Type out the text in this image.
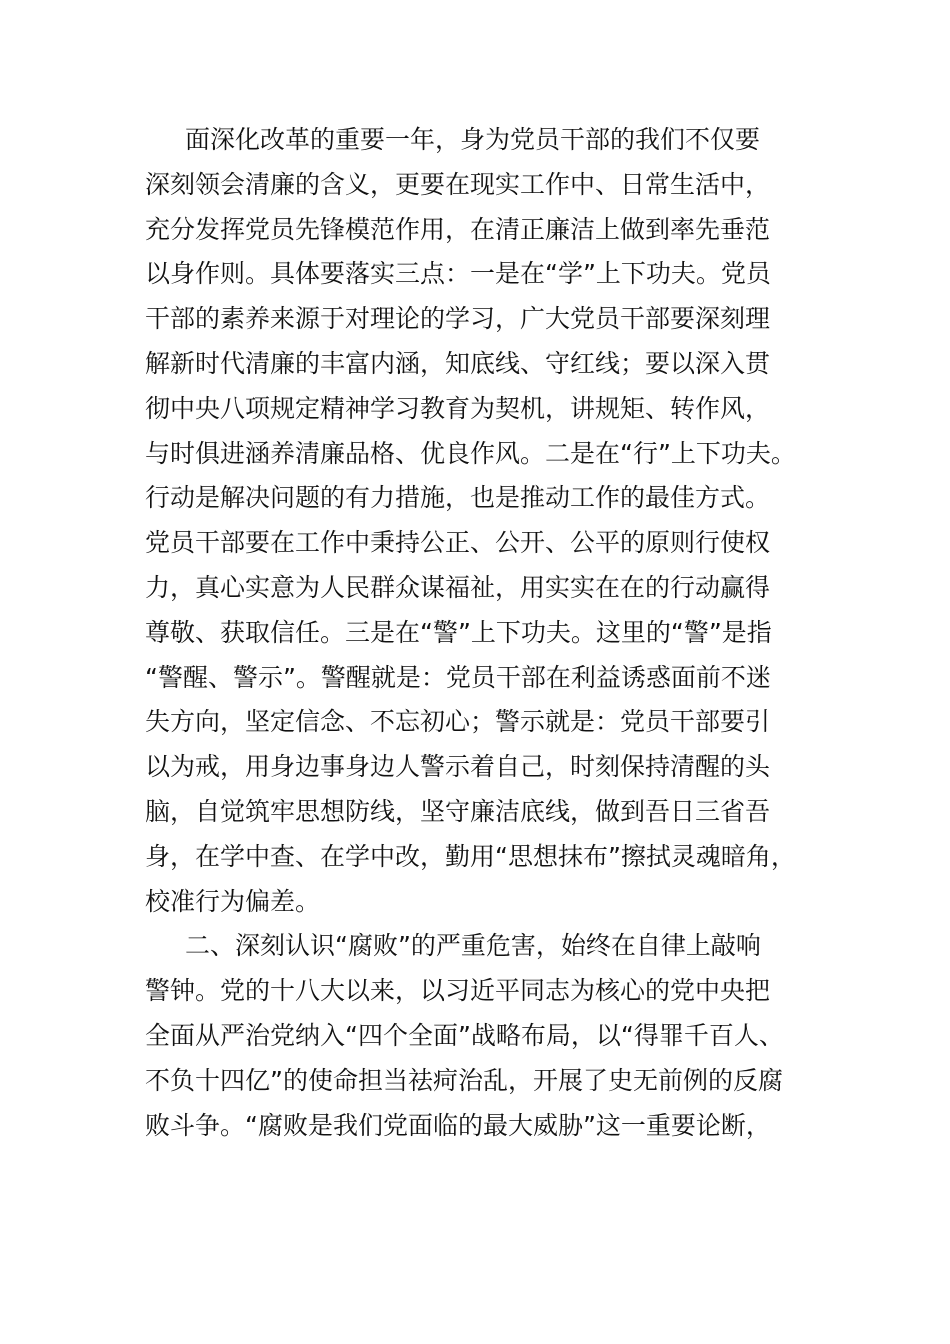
面深化改革的重要一年，身为党员干部的我们不仅要
深刻领会清廉的含义，更要在现实工作中、日常生活中，
充分发挥党员先锋模范作用，在清正廉洁上做到率先垂范
以身作则。具体要落实三点：一是在“学”上下功夫。党员
干部的素养来源于对理论的学习，广大党员干部要深刻理
解新时代清廉的丰富内涵，知底线、守红线；要以深入贯
彻中央八项规定精神学习教育为契机，讲规矩、转作风，
与时俱进涵养清廉品格、优良作风。二是在“行”上下功夫。
行动是解决问题的有力措施，也是推动工作的最佳方式。
党员干部要在工作中秉持公正、公开、公平的原则行使权
力，真心实意为人民群众谋福祉，用实实在在的行动赢得
尊敬、获取信任。三是在“警”上下功夫。这里的“警”是指
“警醒、警示”。警醒就是：党员干部在利益诱惑面前不迷
失方向，坚定信念、不忘初心；警示就是：党员干部要引
以为戒，用身边事身边人警示着自己，时刻保持清醒的头
脑，自觉筑牢思想防线，坚守廉洁底线，做到吾日三省吾
身，在学中查、在学中改，勤用“思想抹布”擦拭灵魂暗角，
校准行为偏差。
二、深刻认识“腐败”的严重危害，始终在自律上敲响
警钟。党的十八大以来，以习近平同志为核心的党中央把
全面从严治党纳入“四个全面”战略布局，以“得罪千百人、
不负十四亿”的使命担当祛疴治乱，开展了史无前例的反腐
败斗争。“腐败是我们党面临的最大威胁”这一重要论断，
